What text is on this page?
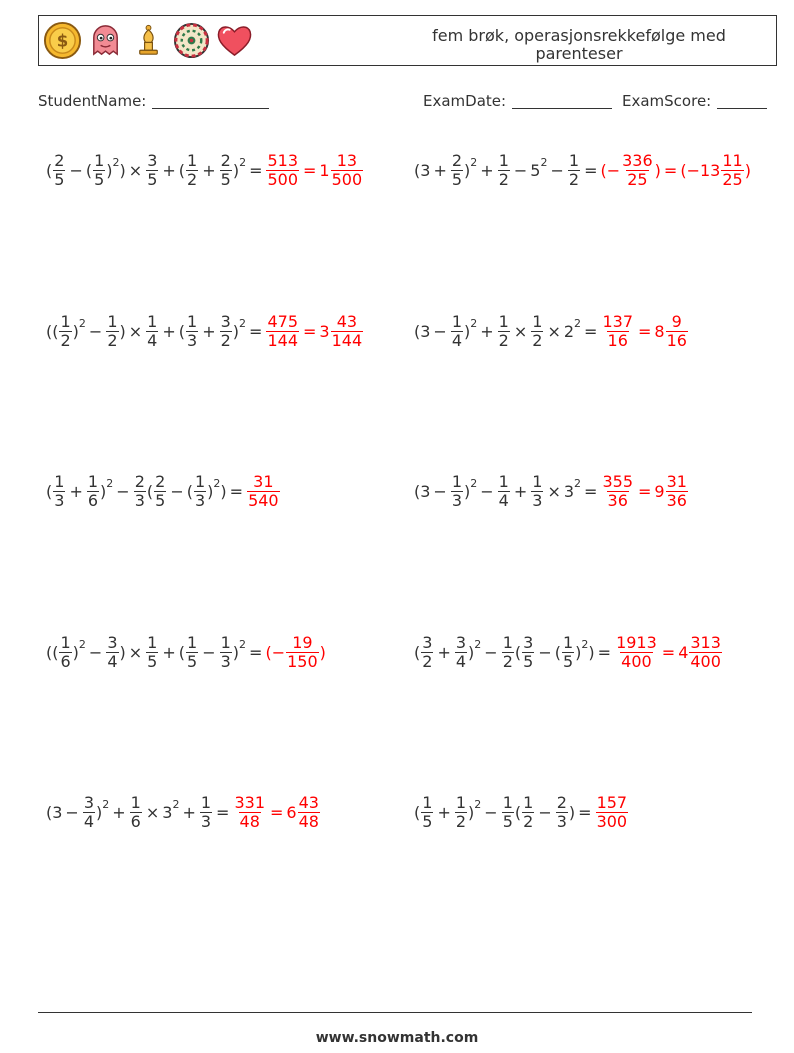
$	fem brøk, operasjonsrekkefølge med
parenteser
StudentName:	ExamDate:	ExamScore:
( $\frac{2}{5}$ − ( $\frac{1}{5} )^2$ ) × $\frac{3}{5}$ + ( $\frac{1}{2} + \frac{2}{5} )^2 = \frac{513}{500} = 1 \frac{13}{500}$	( $3 + \frac{2}{5} )^2 + \frac{1}{2} - 5^2 - \frac{1}{2}$ = (− $\frac{336}{25}$ ) = ($-13 \frac{11}{25}$ )
(( $\frac{1}{2} )^2 - \frac{1}{2}$ ) × $\frac{1}{4}$ + ( $\frac{1}{3} + \frac{3}{2} )^2 = \frac{475}{144} = 3 \frac{43}{144}$	$(3 - \frac{1}{4} )^2 + \frac{1}{2} \times \frac{1}{2} \times 2^2 = \frac{137}{16} = 8 \frac{9}{16}$
( $\frac{1}{3} + \frac{1}{6} )^2 - \frac{2}{3}$ ( $\frac{2}{5}$ − ( $\frac{1}{3} )^2$ ) = $\frac{31}{540}$	$(3 - \frac{1}{3} )^2 - \frac{1}{4} + \frac{1}{3} \times 3^2 = \frac{355}{36} = 9 \frac{31}{36}$
(( $\frac{1}{6} )^2 - \frac{3}{4}$ ) × $\frac{1}{5}$ + ( $\frac{1}{5} - \frac{1}{3} )^2$ = (− $\frac{19}{150}$ )	( $\frac{3}{2} + \frac{3}{4} )^2 - \frac{1}{2}$ ( $\frac{3}{5}$ − ( $\frac{1}{5} )^2$ ) = $\frac{1913}{400} = 4 \frac{313}{400}$
$(3 - \frac{3}{4} )^2 + \frac{1}{6} \times 3^2 + \frac{1}{3} = \frac{331}{48} = 6 \frac{43}{48}$	( $\frac{1}{5} + \frac{1}{2} )^2 - \frac{1}{5}$ ( $\frac{1}{2} - \frac{2}{3}$ ) = $\frac{157}{300}$
www.snowmath.com
